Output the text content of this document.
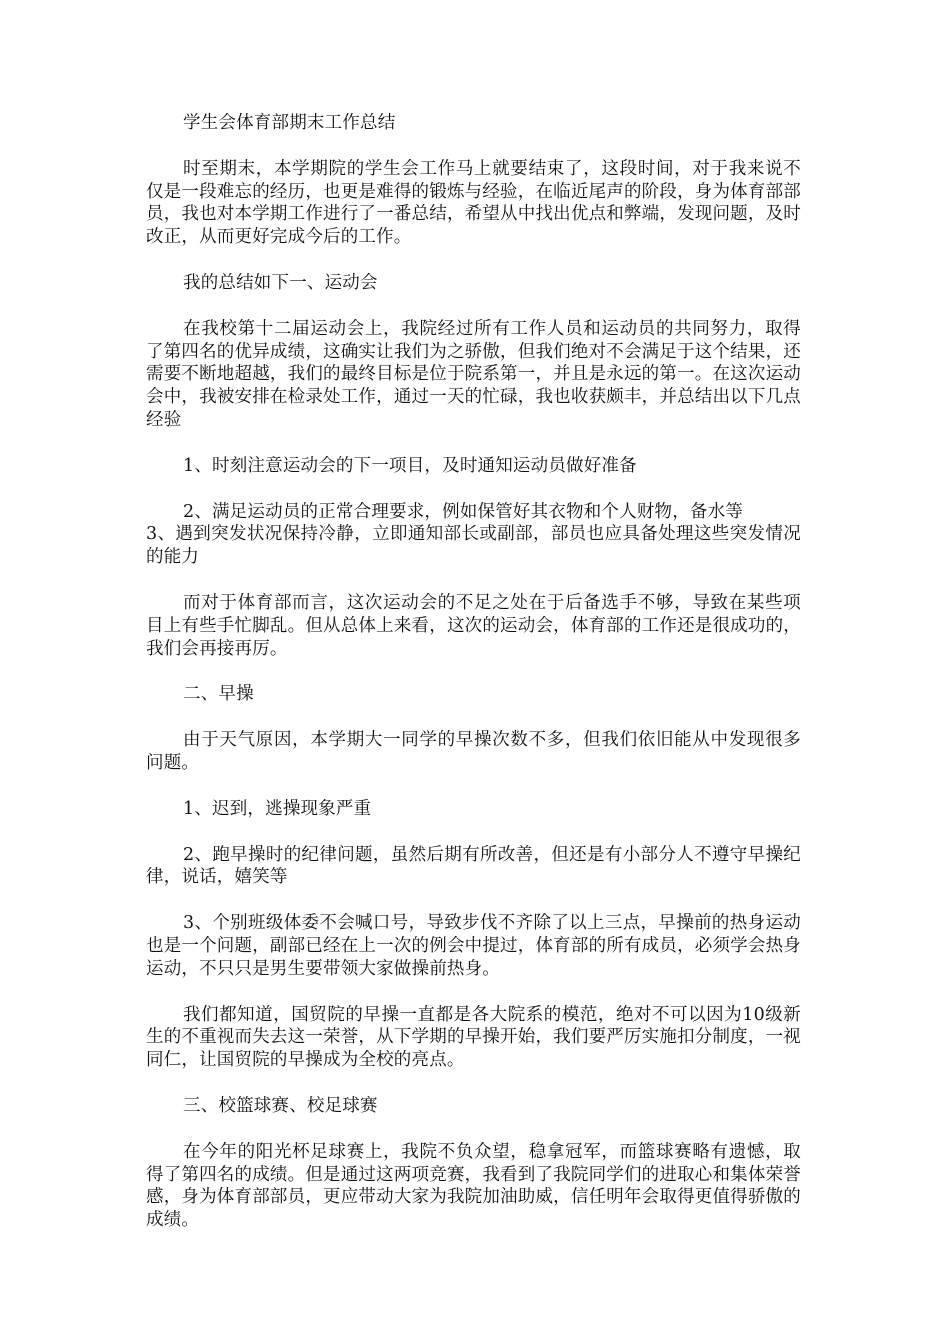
学生会体育部期末工作总结

时至期末，本学期院的学生会工作马上就要结束了，这段时间，对于我来说不仅是一段难忘的经历，也更是难得的锻炼与经验，在临近尾声的阶段，身为体育部部员，我也对本学期工作进行了一番总结，希望从中找出优点和弊端，发现问题，及时改正，从而更好完成今后的工作。

我的总结如下一、运动会

在我校第十二届运动会上，我院经过所有工作人员和运动员的共同努力，取得了第四名的优异成绩，这确实让我们为之骄傲，但我们绝对不会满足于这个结果，还需要不断地超越，我们的最终目标是位于院系第一，并且是永远的第一。在这次运动会中，我被安排在检录处工作，通过一天的忙碌，我也收获颇丰，并总结出以下几点经验

1、时刻注意运动会的下一项目，及时通知运动员做好准备

2、满足运动员的正常合理要求，例如保管好其衣物和个人财物，备水等

3、遇到突发状况保持冷静，立即通知部长或副部，部员也应具备处理这些突发情况的能力

而对于体育部而言，这次运动会的不足之处在于后备选手不够，导致在某些项目上有些手忙脚乱。但从总体上来看，这次的运动会，体育部的工作还是很成功的，我们会再接再厉。

二、早操

由于天气原因，本学期大一同学的早操次数不多，但我们依旧能从中发现很多问题。

1、迟到，逃操现象严重

2、跑早操时的纪律问题，虽然后期有所改善，但还是有小部分人不遵守早操纪律，说话，嬉笑等

3、个别班级体委不会喊口号，导致步伐不齐除了以上三点，早操前的热身运动也是一个问题，副部已经在上一次的例会中提过，体育部的所有成员，必须学会热身运动，不只只是男生要带领大家做操前热身。

我们都知道，国贸院的早操一直都是各大院系的模范，绝对不可以因为10级新生的不重视而失去这一荣誉，从下学期的早操开始，我们要严厉实施扣分制度，一视同仁，让国贸院的早操成为全校的亮点。

三、校篮球赛、校足球赛

在今年的阳光杯足球赛上，我院不负众望，稳拿冠军，而篮球赛略有遗憾，取得了第四名的成绩。但是通过这两项竞赛，我看到了我院同学们的进取心和集体荣誉感，身为体育部部员，更应带动大家为我院加油助威，信任明年会取得更值得骄傲的成绩。
